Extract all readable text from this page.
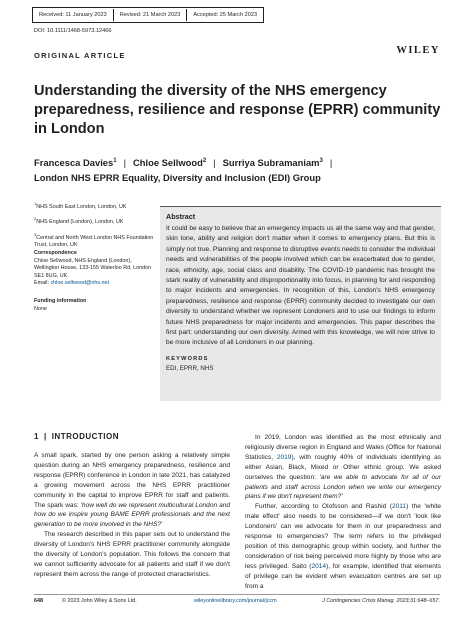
Received: 11 January 2023	Revised: 21 March 2023	Accepted: 25 March 2023
DOI: 10.1111/1468-5973.12466
ORIGINAL ARTICLE	WILEY
Understanding the diversity of the NHS emergency preparedness, resilience and response (EPRR) community in London
Francesca Davies$^1$ | Chloe Sellwood$^2$ | Surriya Subramaniam$^3$ |
London NHS EPRR Equality, Diversity and Inclusion (EDI) Group
$^1$NHS South East London, London, UK
$^2$NHS England (London), London, UK
$^3$Central and North West London NHS Foundation Trust, London, UK
Correspondence
Chloe Sellwood, NHS England (London), Wellington House, 133-155 Waterloo Rd, London SE1 8UG, UK.
Email: chloe.sellwood@nhs.net
Funding information
None
Abstract
It could be easy to believe that an emergency impacts us all the same way and that gender, skin tone, ability and religion don't matter when it comes to emergency plans. But this is simply not true. Planning and response to disruptive events needs to consider the individual needs and vulnerabilities of the people involved which can be exacerbated due to gender, race, ethnicity, age, social class and disability. The COVID-19 pandemic has brought the stark reality of vulnerability and disproportionality into focus, in planning for and responding to major incidents and emergencies. In recognition of this, London's NHS emergency preparedness, resilience and response (EPRR) community decided to investigate our own diversity to understand whether we represent Londoners and to use our findings to inform future NHS preparedness for major incidents and emergencies. This paper describes the first part: understanding our own diversity. Armed with this knowledge, we will now strive to be more inclusive of all Londoners in our planning.
KEYWORDS
EDI, EPRR, NHS
1 | INTRODUCTION

A small spark, started by one person asking a relatively simple question during an NHS emergency preparedness, resilience and response (EPRR) conference in London in late 2021, has catalyzed a growing movement across the NHS EPRR practitioner community in the capital to improve EPRR for staff and patients. The spark was: 'how well do we represent multicultural London and how do we inspire young BAME EPRR professionals and the next generation to be more involved in the NHS?'

The research described in this paper sets out to understand the diversity of London's NHS EPRR practitioner community alongside the diversity of London's population. This follows the concern that we cannot sufficiently advocate for all patients and staff if we don't represent them across the range of protected characteristics.

In 2019, London was identified as the most ethnically and religiously diverse region in England and Wales (Office for National Statistics, 2019), with roughly 40% of individuals identifying as either Asian, Black, Mixed or Other ethnic group. We asked ourselves the question: 'are we able to advocate for all of our patients and staff across London when we write our emergency plans if we don't represent them?'

Further, according to Olofsson and Rashid (2011) the 'white male effect' also needs to be considered—if we don't 'look like Londoners' can we advocate for them in our preparedness and response to emergencies? The term refers to the privileged position of this demographic group within society, and further the consideration of risk being perceived more highly by those who are less privileged. Saito (2014), for example, identified that elements of privilege can be evident when evacuation centres are set up from a

648	© 2023 John Wiley & Sons Ltd.	wileyonlinelibrary.com/journal/jccm	J Contingencies Crisis Manag. 2023;31:648–657.
